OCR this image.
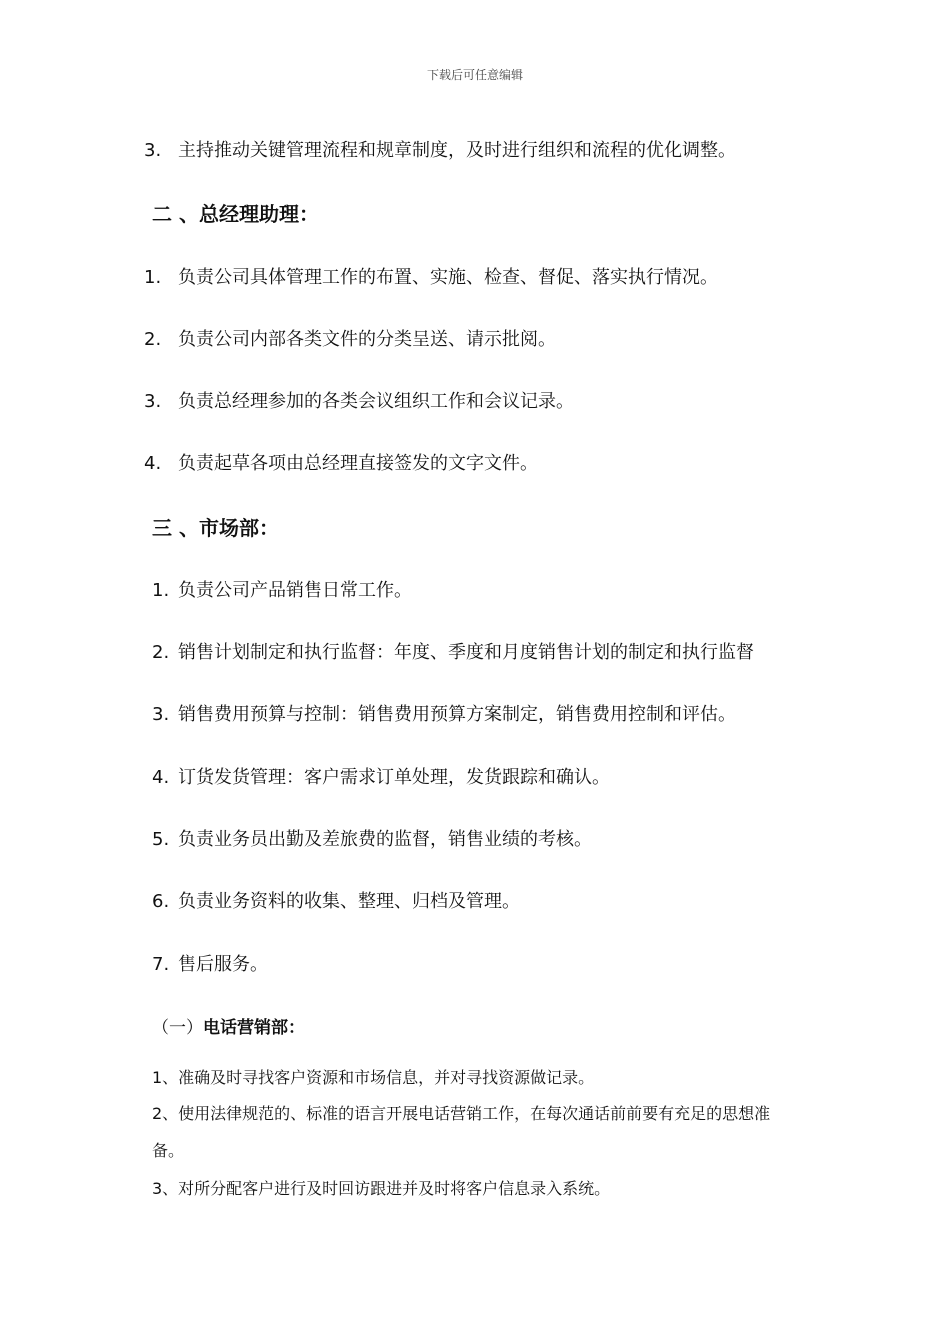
下载后可任意编辑
3. 主持推动关键管理流程和规章制度，及时进行组织和流程的优化调整。
二 、总经理助理：
1. 负责公司具体管理工作的布置、实施、检查、督促、落实执行情况。
2. 负责公司内部各类文件的分类呈送、请示批阅。
3. 负责总经理参加的各类会议组织工作和会议记录。
4. 负责起草各项由总经理直接签发的文字文件。
三 、市场部：
1. 负责公司产品销售日常工作。
2. 销售计划制定和执行监督：年度、季度和月度销售计划的制定和执行监督
3. 销售费用预算与控制：销售费用预算方案制定，销售费用控制和评估。
4. 订货发货管理：客户需求订单处理，发货跟踪和确认。
5. 负责业务员出勤及差旅费的监督，销售业绩的考核。
6. 负责业务资料的收集、整理、归档及管理。
7. 售后服务。
（一）电话营销部：
1、准确及时寻找客户资源和市场信息，并对寻找资源做记录。
2、使用法律规范的、标准的语言开展电话营销工作，在每次通话前前要有充足的思想准
备。
3、对所分配客户进行及时回访跟进并及时将客户信息录入系统。
